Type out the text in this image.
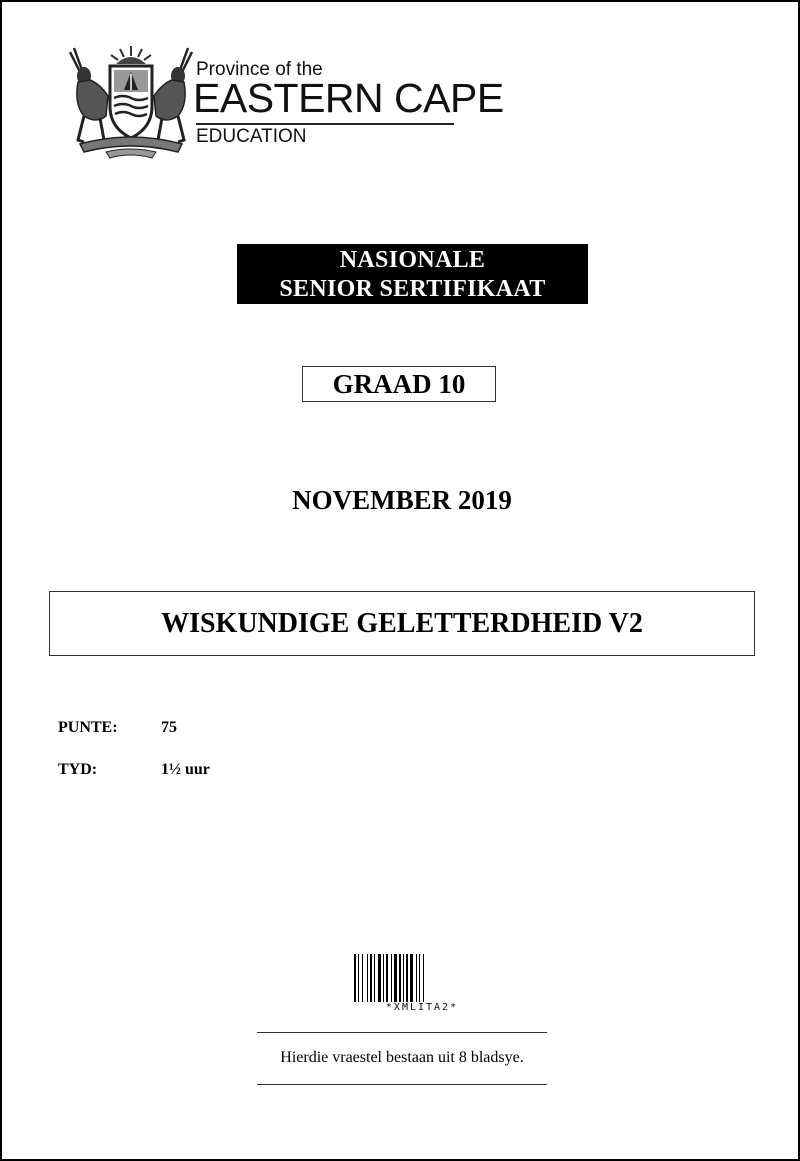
Province of the
EASTERN CAPE
EDUCATION
NASIONALE
SENIOR SERTIFIKAAT
GRAAD 10
NOVEMBER 2019
WISKUNDIGE GELETTERDHEID V2
PUNTE:	75
TYD:	1½ uur
*XMLITA2*
Hierdie vraestel bestaan uit 8 bladsye.
